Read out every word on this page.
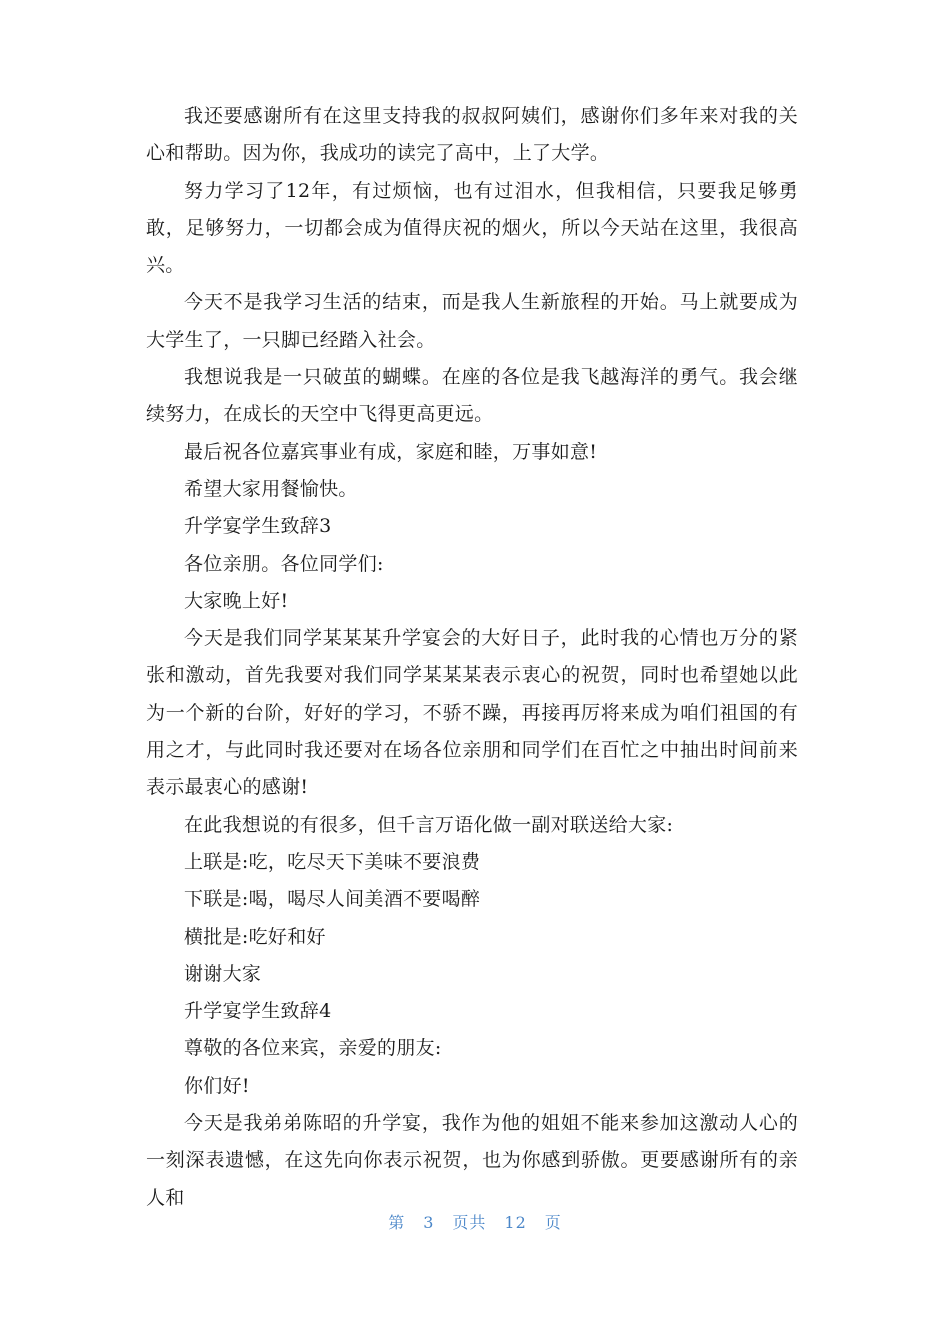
我还要感谢所有在这里支持我的叔叔阿姨们，感谢你们多年来对我的关心和帮助。因为你，我成功的读完了高中，上了大学。

努力学习了12年，有过烦恼，也有过泪水，但我相信，只要我足够勇敢，足够努力，一切都会成为值得庆祝的烟火，所以今天站在这里，我很高兴。

今天不是我学习生活的结束，而是我人生新旅程的开始。马上就要成为大学生了，一只脚已经踏入社会。

我想说我是一只破茧的蝴蝶。在座的各位是我飞越海洋的勇气。我会继续努力，在成长的天空中飞得更高更远。

最后祝各位嘉宾事业有成，家庭和睦，万事如意!

希望大家用餐愉快。

升学宴学生致辞3

各位亲朋。各位同学们:

大家晚上好!

今天是我们同学某某某升学宴会的大好日子，此时我的心情也万分的紧张和激动，首先我要对我们同学某某某表示衷心的祝贺，同时也希望她以此为一个新的台阶，好好的学习，不骄不躁，再接再厉将来成为咱们祖国的有用之才，与此同时我还要对在场各位亲朋和同学们在百忙之中抽出时间前来表示最衷心的感谢!

在此我想说的有很多，但千言万语化做一副对联送给大家:

上联是:吃，吃尽天下美味不要浪费

下联是:喝，喝尽人间美酒不要喝醉

横批是:吃好和好

谢谢大家

升学宴学生致辞4

尊敬的各位来宾，亲爱的朋友:

你们好!

今天是我弟弟陈昭的升学宴，我作为他的姐姐不能来参加这激动人心的一刻深表遗憾，在这先向你表示祝贺，也为你感到骄傲。更要感谢所有的亲人和

第 3 页共 12 页
